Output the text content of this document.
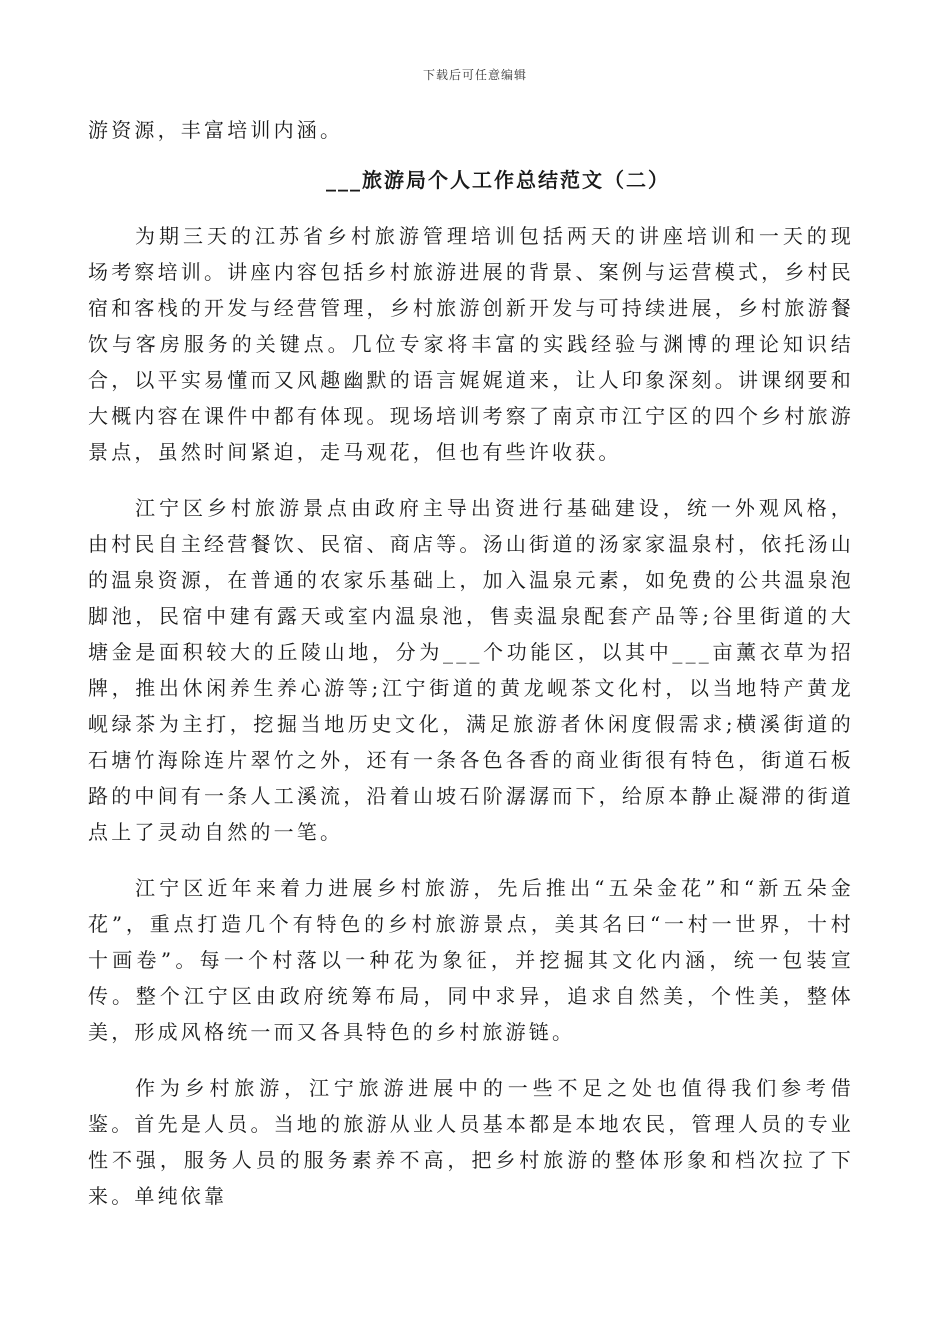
下载后可任意编辑

游资源，丰富培训内涵。

___旅游局个人工作总结范文（二）

为期三天的江苏省乡村旅游管理培训包括两天的讲座培训和一天的现场考察培训。讲座内容包括乡村旅游进展的背景、案例与运营模式，乡村民宿和客栈的开发与经营管理，乡村旅游创新开发与可持续进展，乡村旅游餐饮与客房服务的关键点。几位专家将丰富的实践经验与渊博的理论知识结合，以平实易懂而又风趣幽默的语言娓娓道来，让人印象深刻。讲课纲要和大概内容在课件中都有体现。现场培训考察了南京市江宁区的四个乡村旅游景点，虽然时间紧迫，走马观花，但也有些许收获。

江宁区乡村旅游景点由政府主导出资进行基础建设，统一外观风格，由村民自主经营餐饮、民宿、商店等。汤山街道的汤家家温泉村，依托汤山的温泉资源，在普通的农家乐基础上，加入温泉元素，如免费的公共温泉泡脚池，民宿中建有露天或室内温泉池，售卖温泉配套产品等;谷里街道的大塘金是面积较大的丘陵山地，分为___个功能区，以其中___亩薰衣草为招牌，推出休闲养生养心游等;江宁街道的黄龙岘茶文化村，以当地特产黄龙岘绿茶为主打，挖掘当地历史文化，满足旅游者休闲度假需求;横溪街道的石塘竹海除连片翠竹之外，还有一条各色各香的商业街很有特色，街道石板路的中间有一条人工溪流，沿着山坡石阶潺潺而下，给原本静止凝滞的街道点上了灵动自然的一笔。

江宁区近年来着力进展乡村旅游，先后推出“五朵金花”和“新五朵金花”，重点打造几个有特色的乡村旅游景点，美其名曰“一村一世界，十村十画卷”。每一个村落以一种花为象征，并挖掘其文化内涵，统一包装宣传。整个江宁区由政府统筹布局，同中求异，追求自然美，个性美，整体美，形成风格统一而又各具特色的乡村旅游链。

作为乡村旅游，江宁旅游进展中的一些不足之处也值得我们参考借鉴。首先是人员。当地的旅游从业人员基本都是本地农民，管理人员的专业性不强，服务人员的服务素养不高，把乡村旅游的整体形象和档次拉了下来。单纯依靠
